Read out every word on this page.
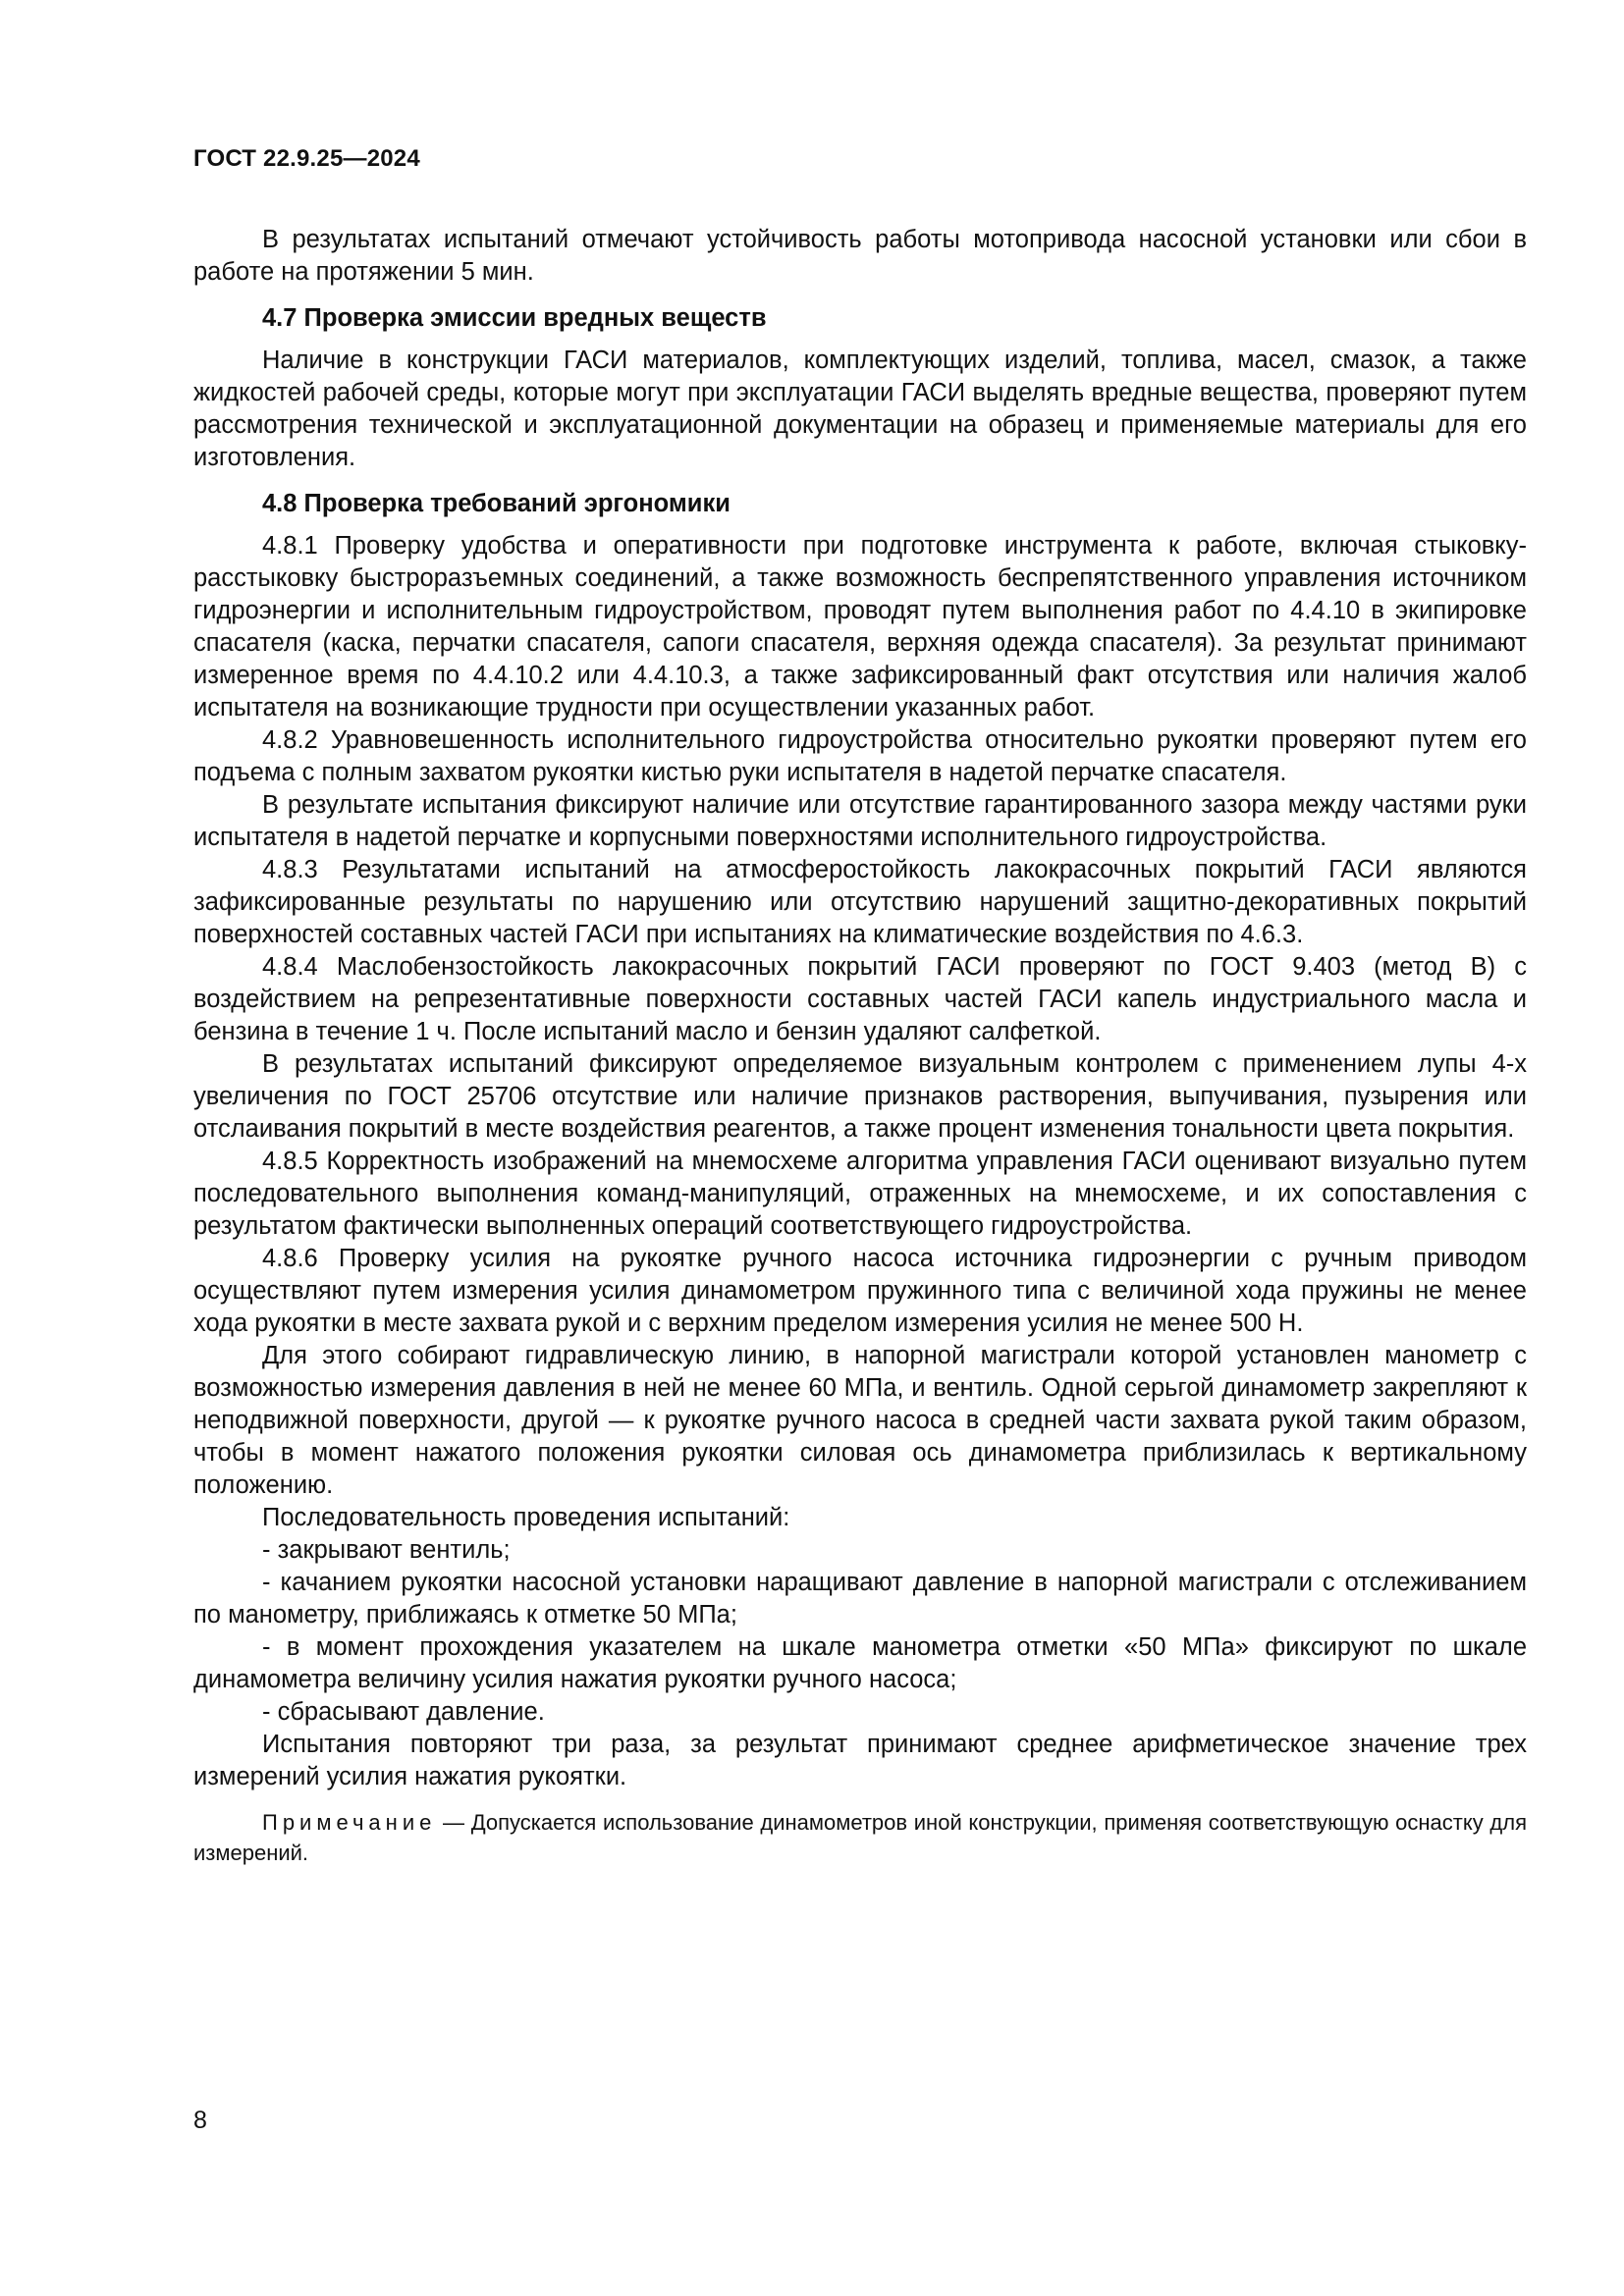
ГОСТ 22.9.25—2024

В результатах испытаний отмечают устойчивость работы мотопривода насосной установки или сбои в работе на протяжении 5 мин.

4.7 Проверка эмиссии вредных веществ

Наличие в конструкции ГАСИ материалов, комплектующих изделий, топлива, масел, смазок, а также жидкостей рабочей среды, которые могут при эксплуатации ГАСИ выделять вредные вещества, проверяют путем рассмотрения технической и эксплуатационной документации на образец и применяемые материалы для его изготовления.

4.8 Проверка требований эргономики

4.8.1 Проверку удобства и оперативности при подготовке инструмента к работе, включая стыковку-расстыковку быстроразъемных соединений, а также возможность беспрепятственного управления источником гидроэнергии и исполнительным гидроустройством, проводят путем выполнения работ по 4.4.10 в экипировке спасателя (каска, перчатки спасателя, сапоги спасателя, верхняя одежда спасателя). За результат принимают измеренное время по 4.4.10.2 или 4.4.10.3, а также зафиксированный факт отсутствия или наличия жалоб испытателя на возникающие трудности при осуществлении указанных работ.

4.8.2 Уравновешенность исполнительного гидроустройства относительно рукоятки проверяют путем его подъема с полным захватом рукоятки кистью руки испытателя в надетой перчатке спасателя.

В результате испытания фиксируют наличие или отсутствие гарантированного зазора между частями руки испытателя в надетой перчатке и корпусными поверхностями исполнительного гидроустройства.

4.8.3 Результатами испытаний на атмосферостойкость лакокрасочных покрытий ГАСИ являются зафиксированные результаты по нарушению или отсутствию нарушений защитно-декоративных покрытий поверхностей составных частей ГАСИ при испытаниях на климатические воздействия по 4.6.3.

4.8.4 Маслобензостойкость лакокрасочных покрытий ГАСИ проверяют по ГОСТ 9.403 (метод В) с воздействием на репрезентативные поверхности составных частей ГАСИ капель индустриального масла и бензина в течение 1 ч. После испытаний масло и бензин удаляют салфеткой.

В результатах испытаний фиксируют определяемое визуальным контролем с применением лупы 4-х увеличения по ГОСТ 25706 отсутствие или наличие признаков растворения, выпучивания, пузырения или отслаивания покрытий в месте воздействия реагентов, а также процент изменения тональности цвета покрытия.

4.8.5 Корректность изображений на мнемосхеме алгоритма управления ГАСИ оценивают визуально путем последовательного выполнения команд-манипуляций, отраженных на мнемосхеме, и их сопоставления с результатом фактически выполненных операций соответствующего гидроустройства.

4.8.6 Проверку усилия на рукоятке ручного насоса источника гидроэнергии с ручным приводом осуществляют путем измерения усилия динамометром пружинного типа с величиной хода пружины не менее хода рукоятки в месте захвата рукой и с верхним пределом измерения усилия не менее 500 Н.

Для этого собирают гидравлическую линию, в напорной магистрали которой установлен манометр с возможностью измерения давления в ней не менее 60 МПа, и вентиль. Одной серьгой динамометр закрепляют к неподвижной поверхности, другой — к рукоятке ручного насоса в средней части захвата рукой таким образом, чтобы в момент нажатого положения рукоятки силовая ось динамометра приблизилась к вертикальному положению.

Последовательность проведения испытаний:

- закрывают вентиль;

- качанием рукоятки насосной установки наращивают давление в напорной магистрали с отслеживанием по манометру, приближаясь к отметке 50 МПа;

- в момент прохождения указателем на шкале манометра отметки «50 МПа» фиксируют по шкале динамометра величину усилия нажатия рукоятки ручного насоса;

- сбрасывают давление.

Испытания повторяют три раза, за результат принимают среднее арифметическое значение трех измерений усилия нажатия рукоятки.

Примечание — Допускается использование динамометров иной конструкции, применяя соответствующую оснастку для измерений.
8
